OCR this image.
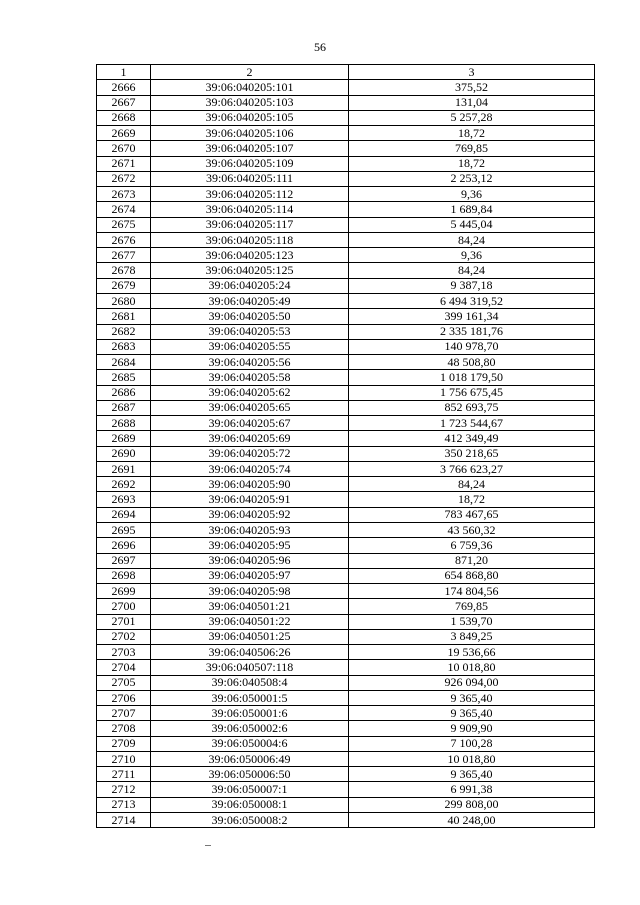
56
1	2	3
2666	39:06:040205:101	375,52
2667	39:06:040205:103	131,04
2668	39:06:040205:105	5 257,28
2669	39:06:040205:106	18,72
2670	39:06:040205:107	769,85
2671	39:06:040205:109	18,72
2672	39:06:040205:111	2 253,12
2673	39:06:040205:112	9,36
2674	39:06:040205:114	1 689,84
2675	39:06:040205:117	5 445,04
2676	39:06:040205:118	84,24
2677	39:06:040205:123	9,36
2678	39:06:040205:125	84,24
2679	39:06:040205:24	9 387,18
2680	39:06:040205:49	6 494 319,52
2681	39:06:040205:50	399 161,34
2682	39:06:040205:53	2 335 181,76
2683	39:06:040205:55	140 978,70
2684	39:06:040205:56	48 508,80
2685	39:06:040205:58	1 018 179,50
2686	39:06:040205:62	1 756 675,45
2687	39:06:040205:65	852 693,75
2688	39:06:040205:67	1 723 544,67
2689	39:06:040205:69	412 349,49
2690	39:06:040205:72	350 218,65
2691	39:06:040205:74	3 766 623,27
2692	39:06:040205:90	84,24
2693	39:06:040205:91	18,72
2694	39:06:040205:92	783 467,65
2695	39:06:040205:93	43 560,32
2696	39:06:040205:95	6 759,36
2697	39:06:040205:96	871,20
2698	39:06:040205:97	654 868,80
2699	39:06:040205:98	174 804,56
2700	39:06:040501:21	769,85
2701	39:06:040501:22	1 539,70
2702	39:06:040501:25	3 849,25
2703	39:06:040506:26	19 536,66
2704	39:06:040507:118	10 018,80
2705	39:06:040508:4	926 094,00
2706	39:06:050001:5	9 365,40
2707	39:06:050001:6	9 365,40
2708	39:06:050002:6	9 909,90
2709	39:06:050004:6	7 100,28
2710	39:06:050006:49	10 018,80
2711	39:06:050006:50	9 365,40
2712	39:06:050007:1	6 991,38
2713	39:06:050008:1	299 808,00
2714	39:06:050008:2	40 248,00
